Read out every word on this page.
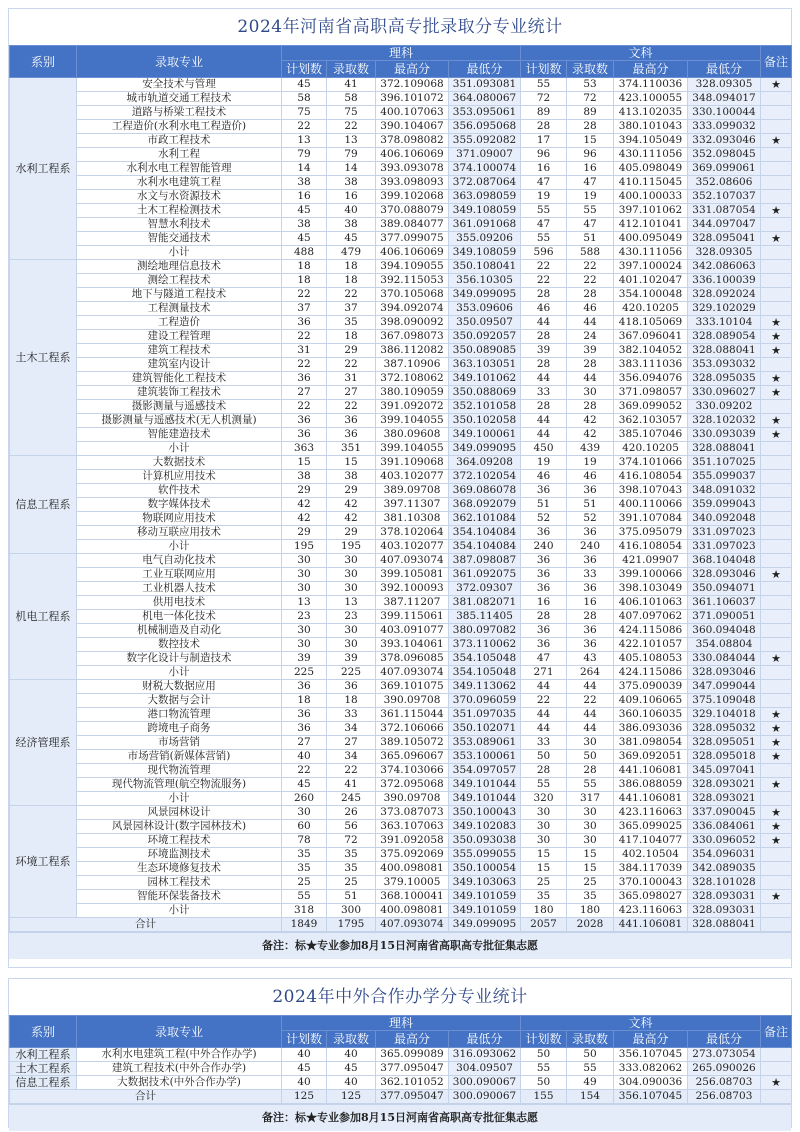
2024年河南省高职高专批录取分专业统计
系别	录取专业	理科				文科				备注
		计划数	录取数	最高分	最低分	计划数	录取数	最高分	最低分	
水利工程系	安全技术与管理	45	41	372.109068	351.093081	55	53	374.110036	328.09305	★
	城市轨道交通工程技术	58	58	396.101072	364.080067	72	72	423.100055	348.094017	
	道路与桥梁工程技术	75	75	400.107063	353.095061	89	89	413.102035	330.100044	
	工程造价(水利水电工程造价)	22	22	390.104067	356.095068	28	28	380.101043	333.099032	
	市政工程技术	13	13	378.098082	355.092082	17	15	394.105049	332.093046	★
	水利工程	79	79	406.106069	371.09007	96	96	430.111056	352.098045	
	水利水电工程智能管理	14	14	393.093078	374.100074	16	16	405.098049	369.099061	
	水利水电建筑工程	38	38	393.098093	372.087064	47	47	410.115045	352.08606	
	水文与水资源技术	16	16	399.102068	363.098059	19	19	400.100033	352.107037	
	土木工程检测技术	45	40	370.088079	349.108059	55	55	397.101062	331.087054	★
	智慧水利技术	38	38	389.084077	361.091068	47	47	412.101041	344.097047	
	智能交通技术	45	45	377.099075	355.09206	55	51	400.095049	328.095041	★
	小计	488	479	406.106069	349.108059	596	588	430.111056	328.09305	
土木工程系	测绘地理信息技术	18	18	394.109055	350.108041	22	22	397.100024	342.086063	
	测绘工程技术	18	18	392.115053	356.10305	22	22	401.102047	336.100039	
	地下与隧道工程技术	22	22	370.105068	349.099095	28	28	354.100048	328.092024	
	工程测量技术	37	37	394.092074	353.09606	46	46	420.10205	329.102029	
	工程造价	36	35	398.090092	350.09507	44	44	418.105069	333.10104	★
	建设工程管理	22	18	367.098073	350.092057	28	24	367.096041	328.089054	★
	建筑工程技术	31	29	386.112082	350.089085	39	39	382.104052	328.088041	★
	建筑室内设计	22	22	387.10906	363.103051	28	28	383.111036	353.093032	
	建筑智能化工程技术	36	31	372.108062	349.101062	44	44	356.094076	328.095035	★
	建筑装饰工程技术	27	27	380.109059	350.088069	33	30	371.098057	330.096027	★
	摄影测量与遥感技术	22	22	391.092072	352.101058	28	28	369.099052	330.09202	
	摄影测量与遥感技术(无人机测量)	36	36	399.104055	350.102058	44	42	362.103057	328.102032	★
	智能建造技术	36	36	380.09608	349.100061	44	42	385.107046	330.093039	★
	小计	363	351	399.104055	349.099095	450	439	420.10205	328.088041	
信息工程系	大数据技术	15	15	391.109068	364.09208	19	19	374.101066	351.107025	
	计算机应用技术	38	38	403.102077	372.102054	46	46	416.108054	355.099037	
	软件技术	29	29	389.09708	369.086078	36	36	398.107043	348.091032	
	数字媒体技术	42	42	397.11307	368.092079	51	51	400.110066	359.099043	
	物联网应用技术	42	42	381.10308	362.101084	52	52	391.107084	340.092048	
	移动互联应用技术	29	29	378.102064	354.104084	36	36	375.095079	331.097023	
	小计	195	195	403.102077	354.104084	240	240	416.108054	331.097023	
机电工程系	电气自动化技术	30	30	407.093074	387.098087	36	36	421.09907	368.104048	
	工业互联网应用	30	30	399.105081	361.092075	36	33	399.100066	328.093046	★
	工业机器人技术	30	30	392.100093	372.09307	36	36	398.103049	350.094071	
	供用电技术	13	13	387.11207	381.082071	16	16	406.101063	361.106037	
	机电一体化技术	23	23	399.115061	385.11405	28	28	407.097062	371.090051	
	机械制造及自动化	30	30	403.091077	380.097082	36	36	424.115086	360.094048	
	数控技术	30	30	393.104061	373.110062	36	36	422.101057	354.08804	
	数字化设计与制造技术	39	39	378.096085	354.105048	47	43	405.108053	330.084044	★
	小计	225	225	407.093074	354.105048	271	264	424.115086	328.093046	
经济管理系	财税大数据应用	36	36	369.101075	349.113062	44	44	375.090039	347.099044	
	大数据与会计	18	18	390.09708	370.096059	22	22	409.106065	375.109048	
	港口物流管理	36	33	361.115044	351.097035	44	44	360.106035	329.104018	★
	跨境电子商务	36	34	372.106066	350.102071	44	44	386.093036	328.095032	★
	市场营销	27	27	389.105072	353.089061	33	30	381.098054	328.095051	★
	市场营销(新媒体营销)	40	34	365.096067	353.100061	50	50	369.092051	328.095018	★
	现代物流管理	22	22	374.103066	354.097057	28	28	441.106081	345.097041	
	现代物流管理(航空物流服务)	45	41	372.095068	349.101044	55	55	386.088059	328.093021	★
	小计	260	245	390.09708	349.101044	320	317	441.106081	328.093021	
环境工程系	风景园林设计	30	26	373.087073	350.100043	30	30	423.116063	337.090045	★
	风景园林设计(数字园林技术)	60	56	363.107063	349.102083	30	30	365.099025	336.084061	★
	环境工程技术	78	72	391.092058	350.093038	30	30	417.104077	330.096052	★
	环境监测技术	35	35	375.092069	355.099055	15	15	402.10504	354.096031	
	生态环境修复技术	35	35	400.098081	350.100054	15	15	384.117039	342.089035	
	园林工程技术	25	25	379.10005	349.103063	25	25	370.100043	328.101028	
	智能环保装备技术	55	51	368.100041	349.101059	35	35	365.098027	328.093031	★
	小计	318	300	400.098081	349.101059	180	180	423.116063	328.093031	
合计		1849	1795	407.093074	349.099095	2057	2028	441.106081	328.088041	
备注：标★专业参加8月15日河南省高职高专批征集志愿
2024年中外合作办学分专业统计
系别	录取专业	理科				文科				备注
		计划数	录取数	最高分	最低分	计划数	录取数	最高分	最低分	
水利工程系	水利水电建筑工程(中外合作办学)	40	40	365.099089	316.093062	50	50	356.107045	273.073054	
土木工程系	建筑工程技术(中外合作办学)	45	45	377.095047	304.09507	55	55	333.082062	265.090026	
信息工程系	大数据技术(中外合作办学)	40	40	362.101052	300.090067	50	49	304.090036	256.08703	★
合计		125	125	377.095047	300.090067	155	154	356.107045	256.08703	
备注：标★专业参加8月15日河南省高职高专批征集志愿
